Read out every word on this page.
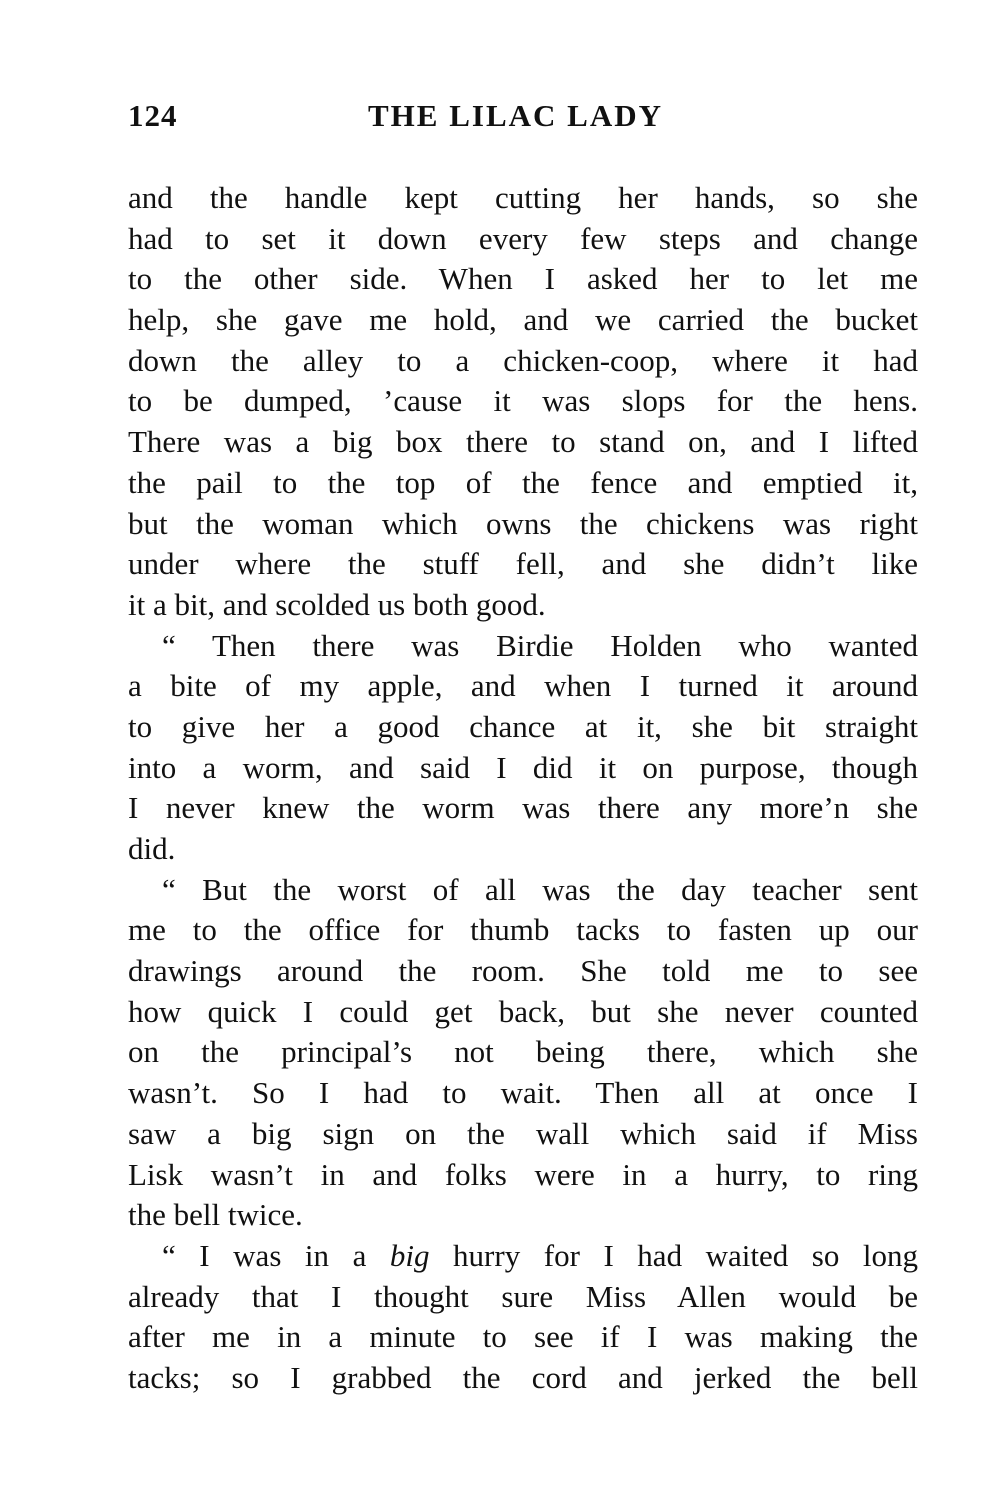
124	THE LILAC LADY
and the handle kept cutting her hands, so she
had to set it down every few steps and change
to the other side. When I asked her to let me
help, she gave me hold, and we carried the bucket
down the alley to a chicken-coop, where it had
to be dumped, ’cause it was slops for the hens.
There was a big box there to stand on, and I lifted
the pail to the top of the fence and emptied it,
but the woman which owns the chickens was right
under where the stuff fell, and she didn’t like
it a bit, and scolded us both good.
“ Then there was Birdie Holden who wanted
a bite of my apple, and when I turned it around
to give her a good chance at it, she bit straight
into a worm, and said I did it on purpose, though
I never knew the worm was there any more’n she
did.
“ But the worst of all was the day teacher sent
me to the office for thumb tacks to fasten up our
drawings around the room. She told me to see
how quick I could get back, but she never counted
on the principal’s not being there, which she
wasn’t. So I had to wait. Then all at once I
saw a big sign on the wall which said if Miss
Lisk wasn’t in and folks were in a hurry, to ring
the bell twice.
“ I was in a big hurry for I had waited so long
already that I thought sure Miss Allen would be
after me in a minute to see if I was making the
tacks; so I grabbed the cord and jerked the bell
